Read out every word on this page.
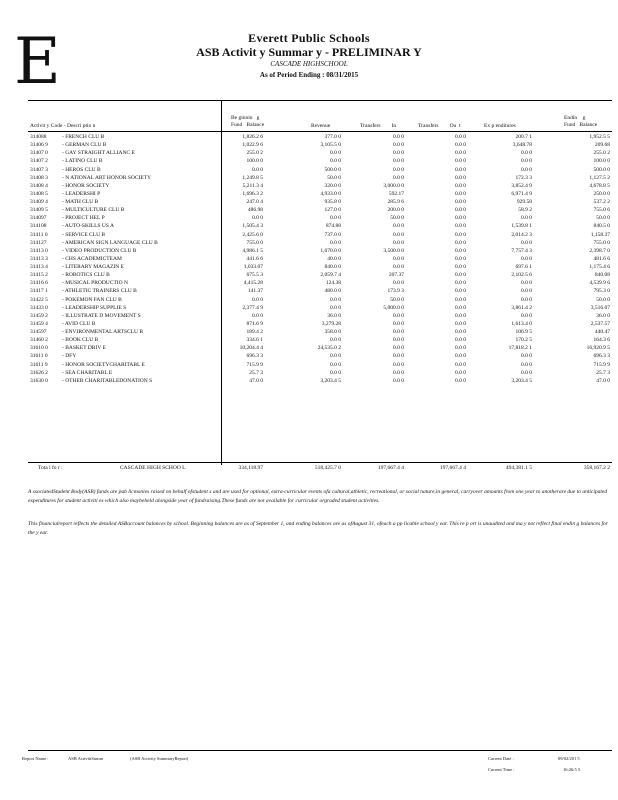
E	Everett Public Schools
ASB Activit y Summar y - PRELIMINAR Y
CASCADE HIGHSCHOOL
As of Period Ending : 08/31/2015
Activit y Code - Descri ptio n
Be ginnin   g
Fund   Balance	Revenue	Transfers        In	Transfers        Ou  t	Ex p enditures
Endin    g
Fund   Balance
314088	- FRENCH CLU B	1,826.2 6	377.0 0	0.0 0	0.0 0	200.7 1	1,952.5 5
31406 9	- GERMAN CLU B	1,022.9 6	3,105.5 0	0.0 0	0.0 0	3,648.78	209.68
31407 0	- GAY STRAIGHT ALLIANC E	255.0 2	0.0 0	0.0 0	0.0 0	0.0 0	255.0 2
31407 2	- LATINO CLU B	100.0 0	0.0 0	0.0 0	0.0 0	0.0 0	100.0 0
31407 3	- HEROS CLU B	0.0 0	500.0 0	0.0 0	0.0 0	0.0 0	500.0 0
31408 3	- N ATIONAL ART HONOR SOCIETY	1,249.8 5	50.0 0	0.0 0	0.0 0	172.3 3	1,127.5 2
31408 4	- HONOR SOCIETY	5,211.3 4	320.0 0	3,000.0 0	0.0 0	3,852.4 9	4,678.8 5
31408 5	- LEADERSHI P	1,696.3 2	4,933.0 0	592.17	0.0 0	6,971.4 9	250.0 0
31409 4	- MATH CLU B	247.0 4	935.8 0	285.9 6	0.0 0	929.58	537.2 2
31409 5	- MULTICULTURE CLU B	486.98	127.0 0	200.0 0	0.0 0	58.9 2	755.0 6
314097	- PROJECT HEL P	0.0 0	0.0 0	50.0 0	0.0 0	0.0 0	50.0 0
314108	- AUTO-SKILLS US A	1,505.4 3	874.88	0.0 0	0.0 0	1,539.8 1	840.5 0
31411 0	- SERVICE CLU B	2,425.6 0	737.0 0	0.0 0	0.0 0	2,014.2 3	1,158.37
314127	- AMERICAN SIGN LANGUAGE CLU B	755.0 0	0.0 0	0.0 0	0.0 0	0.0 0	755.0 0
31413 0	- VIDEO PRODUCTION CLU B	4,986.1 5	1,670.0 0	3,500.0 0	0.0 0	7,757.4 3	2,398.7 0
31413 3	- CHS ACADEMICTEAM	441.6 6	40.0 0	0.0 0	0.0 0	0.0 0	481.6 6
31413 4	- LITERARY MAGAZIN E	1,033.07	840.0 0	0.0 0	0.0 0	697.6 1	1,175.4 6
31415 2	- ROBOTICS CLU B	675.5 3	2,059.7 4	207.37	0.0 0	2,102.5 6	840.08
31416 6	- MUSICAL PRODUCTIO N	4,415.28	124.38	0.0 0	0.0 0	0.0 0	4,539.9 6
31417 1	- ATHLETIC TRAINERS CLU B	141.37	480.0 0	173.9 3	0.0 0	0.0 0	795.3 0
31422 5	- POKEMON FAN CLU B	0.0 0	0.0 0	50.0 0	0.0 0	0.0 0	50.0 0
31433 0	- LEADERSHIP SUPPLIE S	2,377.4 9	0.0 0	5,000.0 0	0.0 0	3,861.4 2	3,516.07
31459 2	- ILLUSTRATE D MOVEMENT S	0.0 0	36.0 0	0.0 0	0.0 0	0.0 0	36.0 0
31459 4	- AVID CLU B	871.6 9	3,279.28	0.0 0	0.0 0	1,613.4 0	2,537.57
314597	- ENVIRONMENTAL ARTSCLU B	189.4 2	358.0 0	0.0 0	0.0 0	106.9 5	440.47
31460 2	- BOOK CLU B	334.6 1	0.0 0	0.0 0	0.0 0	170.2 5	164.3 6
31610 0	- BASKET DRIV E	10,204.4 4	24,535.0 2	0.0 0	0.0 0	17,818.2 1	16,920.9 5
31611 0	- DFY	696.3 3	0.0 0	0.0 0	0.0 0	0.0 0	696.3 3
31611 9	- HONOR SOCIETYCHARITABL E	715.9 9	0.0 0	0.0 0	0.0 0	0.0 0	715.9 9
31626 2	- SEA CHARITABL E	25.7 3	0.0 0	0.0 0	0.0 0	0.0 0	25.7 3
31630 0	- OTHER CHARITABLEDONATION S	47.0 0	3,203.4 5	0.0 0	0.0 0	3,203.4 5	47.0 0
Tota l fo r :	CASCADE HIGH SCHOO L	334,118.97	518,425.7 0	197,667.4 4	197,667.4 4	494,381.1 5	358,167.2 2
A ssociatedStudent Body(ASB) funds are pub licmonies raised on behalf ofstudent s and are used for optional, extra-curricular events ofa cultural,athletic, recreational, or social nature,in general, carryover amounts from one year to anotherare due to anticipated expenditures for student activiti es which also maybeheld alongside year of fundraising.These funds are not available for curricular orgraded student activities.
This financialreport reflects the detailed ASBaccount balances by school. Beginning balances are as of September 1, and ending balances are as ofAugust 31, ofeach a pp licable school y ear. This re p ort is unaudited and ma y not reflect final endin g balances for the y ear.
Report Name :	ASB ActivitiSumm	(ASB Activity SummaryReport)	Current Date :	09/02/201 5
Current Time :	16:26:5 5
